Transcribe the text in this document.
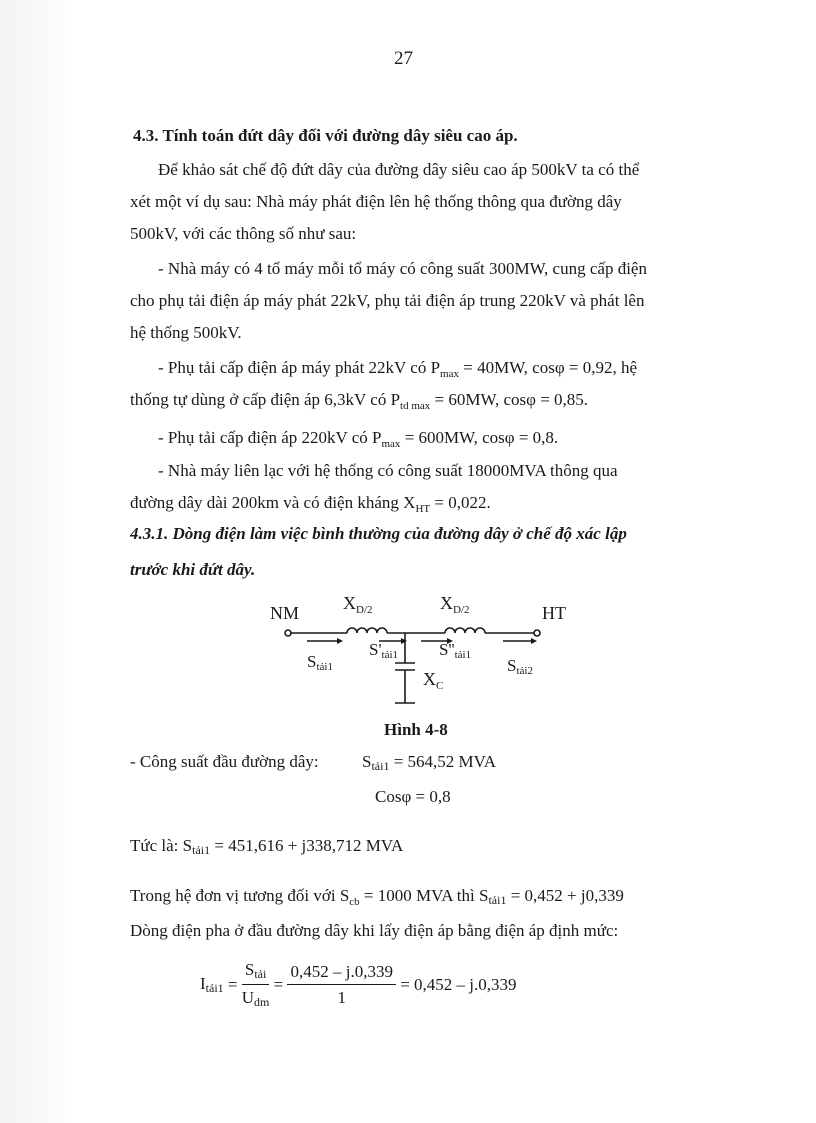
27
4.3. Tính toán đứt dây đối với đường dây siêu cao áp.
Để khảo sát chế độ đứt dây của đường dây siêu cao áp 500kV ta có thể
xét một ví dụ sau: Nhà máy phát điện lên hệ thống thông qua đường dây
500kV, với các thông số như sau:
- Nhà máy có 4 tổ máy mỗi tổ máy có công suất 300MW, cung cấp điện
cho phụ tải điện áp máy phát 22kV, phụ tải điện áp trung 220kV và phát lên
hệ thống 500kV.
- Phụ tải cấp điện áp máy phát 22kV có $P_{max} = 40MW$, cosφ = 0,92, hệ
thống tự dùng ở cấp điện áp 6,3kV có $P_{td max} = 60MW$, cosφ = 0,85.
- Phụ tải cấp điện áp 220kV có $P_{max} = 600MW$, cosφ = 0,8.
- Nhà máy liên lạc với hệ thống có công suất 18000MVA thông qua
đường dây dài 200km và có điện kháng $X_{HT} = 0,022$.
4.3.1. Dòng điện làm việc bình thường của đường dây ở chế độ xác lập
trước khi đứt dây.
NM	HT
$X_{D/2}$	$X_{D/2}$
Stải1
S'tải1 S''tải1
Stải2
$X_C$
Hình 4-8
- Công suất đầu đường dây:	Stải1 = 564,52 MVA
Cosφ = 0,8
Tức là: Stải1 = 451,616 + j338,712 MVA
Trong hệ đơn vị tương đối với $S_{cb} = 1000$ MVA thì Stải1 = 0,452 + j0,339
Dòng điện pha ở đầu đường dây khi lấy điện áp bằng điện áp định mức:
Itải1 = $\frac{\text{Stải}}{\text{Udm}} = \frac{0,452 - j.0,339}{1} = 0,452 - j.0,339$
